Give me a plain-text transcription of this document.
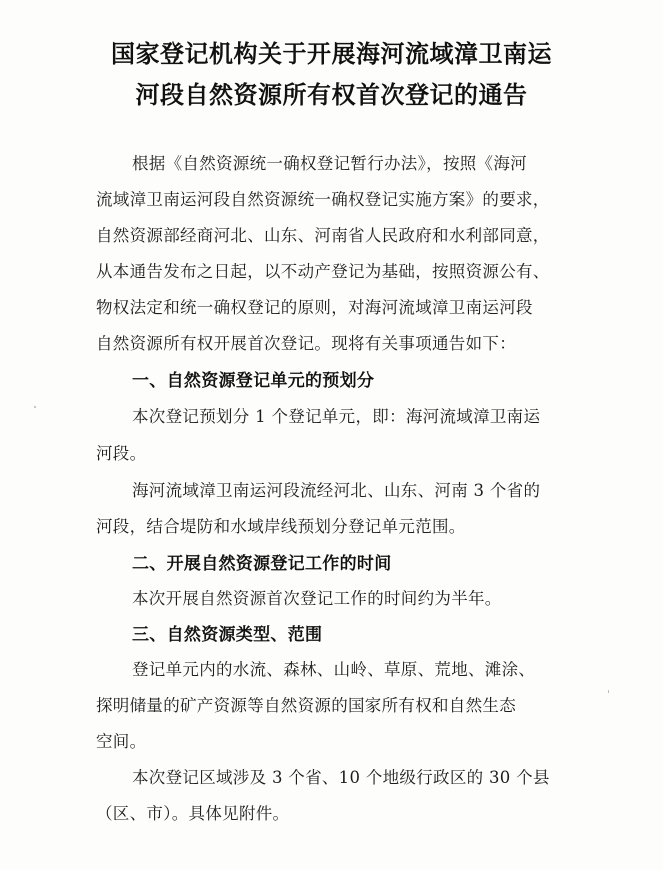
国家登记机构关于开展海河流域漳卫南运
河段自然资源所有权首次登记的通告
根据《自然资源统一确权登记暂行办法》，按照《海河
流域漳卫南运河段自然资源统一确权登记实施方案》的要求，
自然资源部经商河北、山东、河南省人民政府和水利部同意，
从本通告发布之日起，以不动产登记为基础，按照资源公有、
物权法定和统一确权登记的原则，对海河流域漳卫南运河段
自然资源所有权开展首次登记。现将有关事项通告如下：
一、自然资源登记单元的预划分
本次登记预划分 1 个登记单元，即：海河流域漳卫南运
河段。
海河流域漳卫南运河段流经河北、山东、河南 3 个省的
河段，结合堤防和水域岸线预划分登记单元范围。
二、开展自然资源登记工作的时间
本次开展自然资源首次登记工作的时间约为半年。
三、自然资源类型、范围
登记单元内的水流、森林、山岭、草原、荒地、滩涂、
探明储量的矿产资源等自然资源的国家所有权和自然生态
空间。
本次登记区域涉及 3 个省、10 个地级行政区的 30 个县
（区、市）。具体见附件。
